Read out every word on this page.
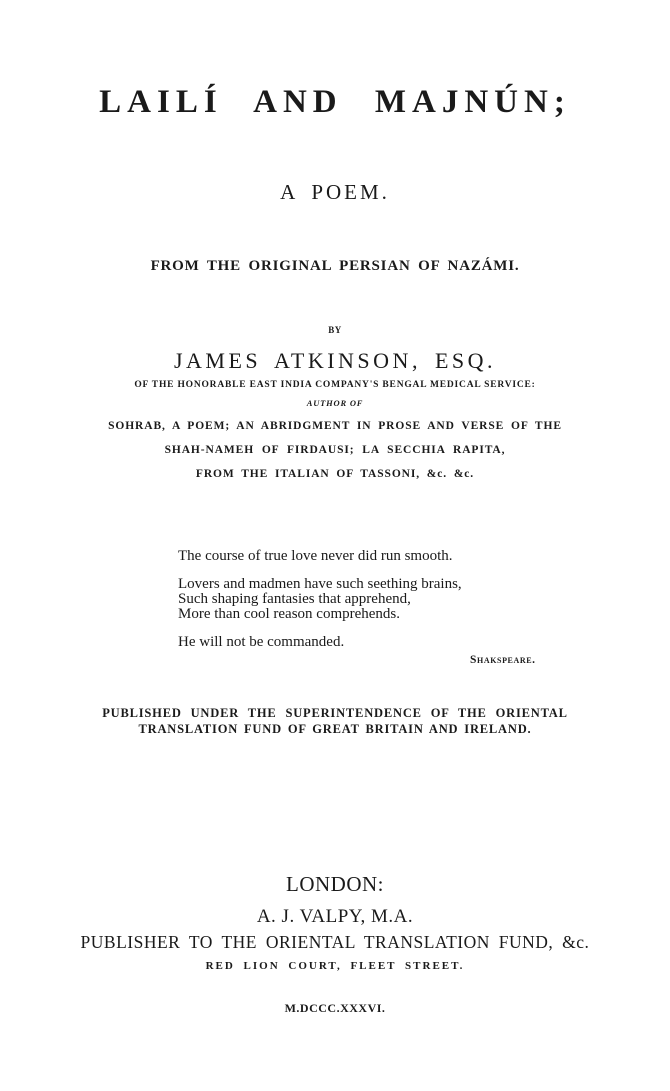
LAILÍ AND MAJNÚN;
A POEM.
FROM THE ORIGINAL PERSIAN OF NAZÁMI.
BY
JAMES ATKINSON, ESQ.
OF THE HONORABLE EAST INDIA COMPANY'S BENGAL MEDICAL SERVICE:
AUTHOR OF
SOHRAB, A POEM; AN ABRIDGMENT IN PROSE AND VERSE OF THE
SHAH-NAMEH OF FIRDAUSI; LA SECCHIA RAPITA,
FROM THE ITALIAN OF TASSONI, &c. &c.
The course of true love never did run smooth.
Lovers and madmen have such seething brains,
Such shaping fantasies that apprehend,
More than cool reason comprehends.
He will not be commanded.
Shakspeare.
PUBLISHED UNDER THE SUPERINTENDENCE OF THE ORIENTAL
TRANSLATION FUND OF GREAT BRITAIN AND IRELAND.
LONDON:
A. J. VALPY, M.A.
PUBLISHER TO THE ORIENTAL TRANSLATION FUND, &c.
RED LION COURT, FLEET STREET.
M.DCCC.XXXVI.
